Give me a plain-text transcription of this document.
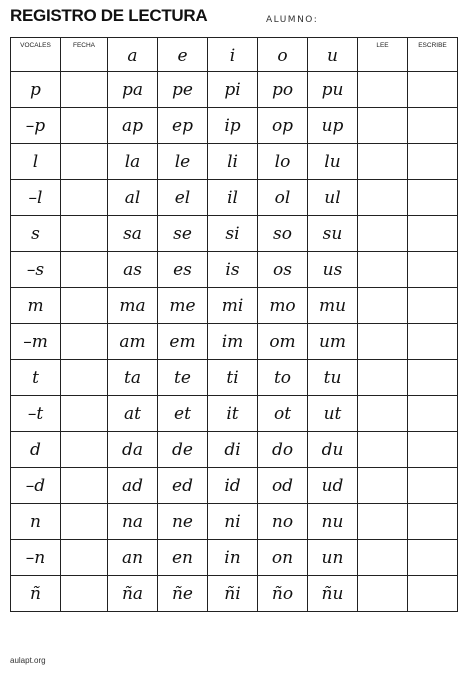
REGISTRO DE LECTURA	ALUMNO:
VOCALES	FECHA	a	e	i	o	u	LEE	ESCRIBE

p		pa	pe	pi	po	pu		
–p		ap	ep	ip	op	up		
l		la	le	li	lo	lu		
–l		al	el	il	ol	ul		
s		sa	se	si	so	su		
–s		as	es	is	os	us		
m		ma	me	mi	mo	mu		
–m		am	em	im	om	um		
t		ta	te	ti	to	tu		
–t		at	et	it	ot	ut		
d		da	de	di	do	du		
–d		ad	ed	id	od	ud		
n		na	ne	ni	no	nu		
–n		an	en	in	on	un		
ñ		ña	ñe	ñi	ño	ñu		
aulapt.org
